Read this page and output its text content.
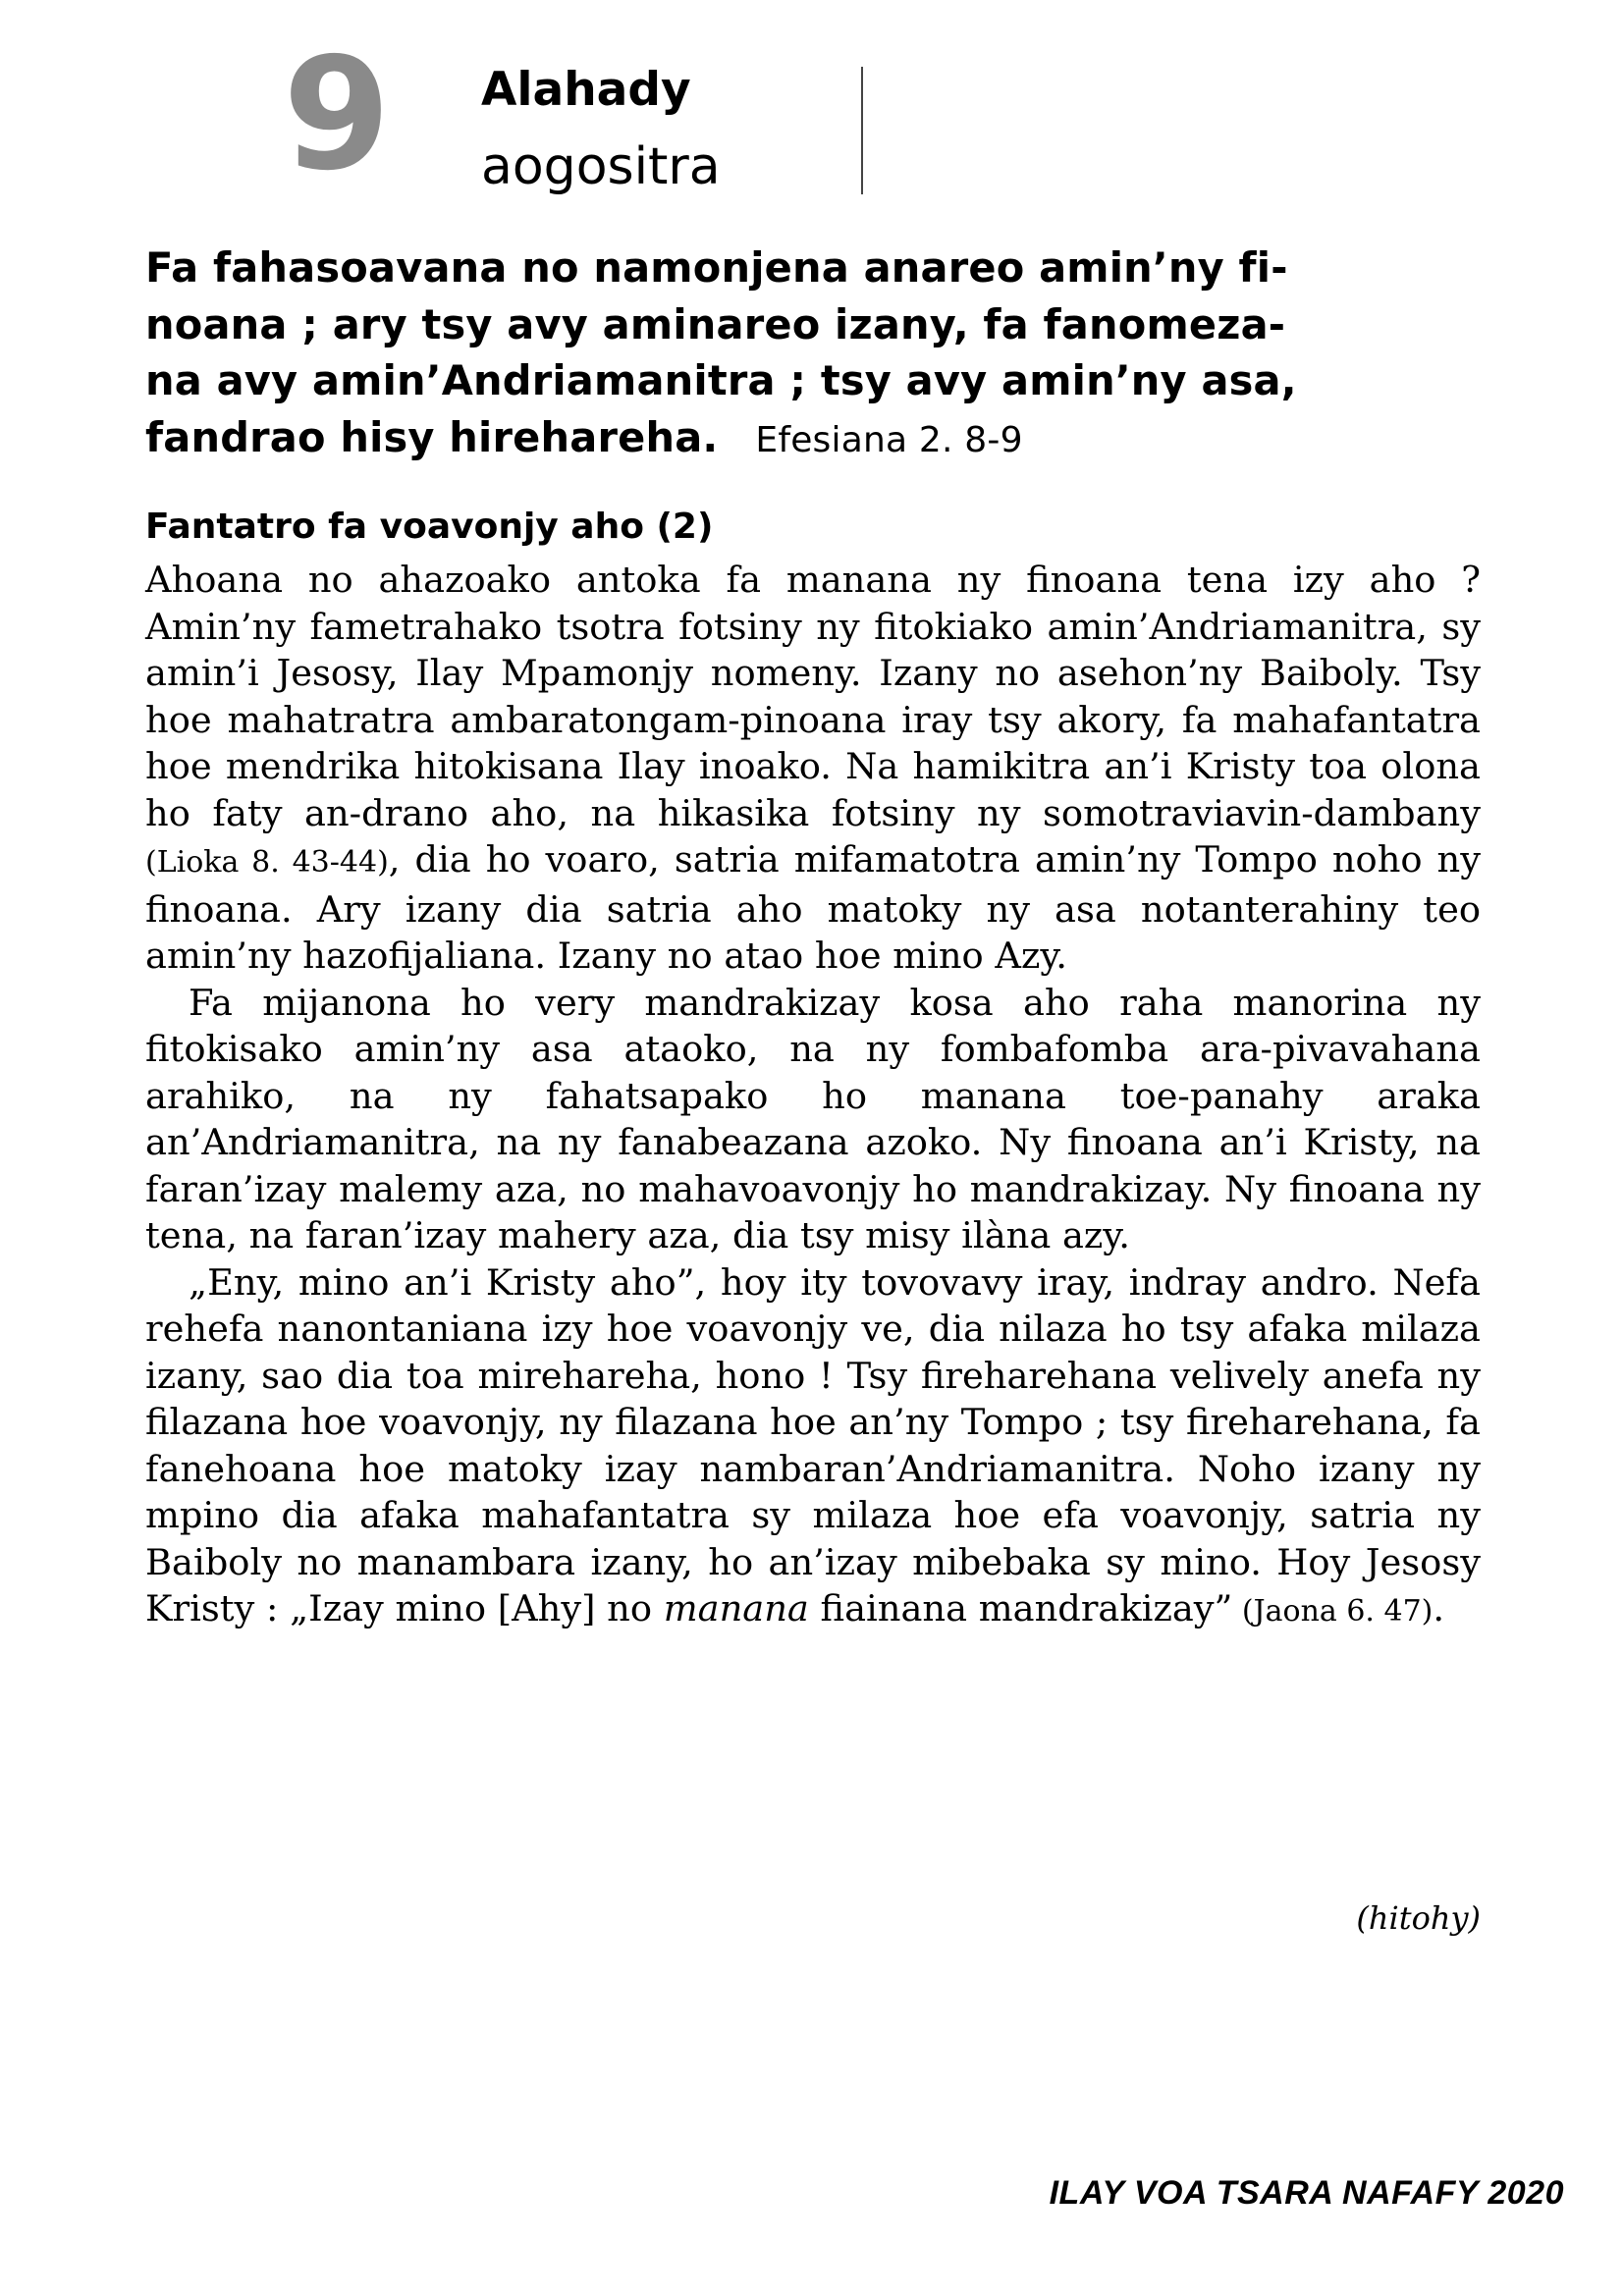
9 Alahady
aogositra
Fa fahasoavana no namonjena anareo amin’ny fi-
noana ; ary tsy avy aminareo izany, fa fanomeza-
na avy amin’Andriamanitra ; tsy avy amin’ny asa,
fandrao hisy hirehareha. Efesiana 2. 8-9
Fantatro fa voavonjy aho (2)

Ahoana no ahazoako antoka fa manana ny finoana tena izy aho ? Amin’ny fametrahako tsotra fotsiny ny fitokiako amin’Andriamanitra, sy amin’i Jesosy, Ilay Mpamonjy nomeny. Izany no asehon’ny Baiboly. Tsy hoe mahatratra ambaratongam-pinoana iray tsy akory, fa mahafantatra hoe mendrika hitokisana Ilay inoako. Na hamikitra an’i Kristy toa olona ho faty an-drano aho, na hikasika fotsiny ny somotraviavin-dambany (Lioka 8. 43-44), dia ho voaro, satria mifamatotra amin’ny Tompo noho ny finoana. Ary izany dia satria aho matoky ny asa notanterahiny teo amin’ny hazofijaliana. Izany no atao hoe mino Azy.

Fa mijanona ho very mandrakizay kosa aho raha manorina ny fitokisako amin’ny asa ataoko, na ny fombafomba ara-pivavahana arahiko, na ny fahatsapako ho manana toe-panahy araka an’Andriamanitra, na ny fanabeazana azoko. Ny finoana an’i Kristy, na faran’izay malemy aza, no mahavoavonjy ho mandrakizay. Ny finoana ny tena, na faran’izay mahery aza, dia tsy misy ilàna azy.

„Eny, mino an’i Kristy aho”, hoy ity tovovavy iray, indray andro. Nefa rehefa nanontaniana izy hoe voavonjy ve, dia nilaza ho tsy afaka milaza izany, sao dia toa mirehareha, hono ! Tsy fireharehana velively anefa ny filazana hoe voavonjy, ny filazana hoe an’ny Tompo ; tsy fireharehana, fa fanehoana hoe matoky izay nambaran’Andriamanitra. Noho izany ny mpino dia afaka mahafantatra sy milaza hoe efa voavonjy, satria ny Baiboly no manambara izany, ho an’izay mibebaka sy mino. Hoy Jesosy Kristy : „Izay mino [Ahy] no manana fiainana mandrakizay” (Jaona 6. 47).

(hitohy)
ILAY VOA TSARA NAFAFY 2020
